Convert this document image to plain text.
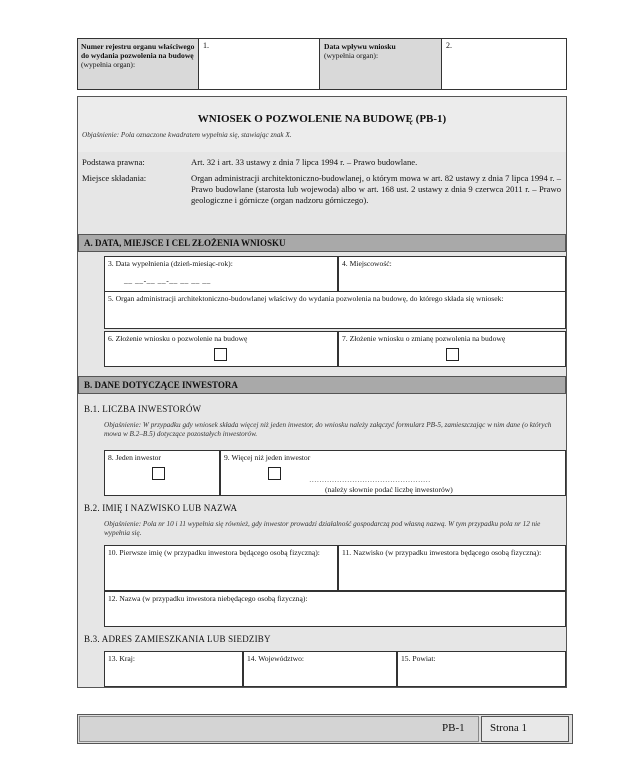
Numer rejestru organu właściwego do wydania pozwolenia na budowę
(wypełnia organ):
1.	Data wpływu wniosku
(wypełnia organ):
2.
WNIOSEK O POZWOLENIE NA BUDOWĘ (PB-1)
Objaśnienie: Pola oznaczone kwadratem wypełnia się, stawiając znak X.
Podstawa prawna:	Art. 32 i art. 33 ustawy z dnia 7 lipca 1994 r. – Prawo budowlane.
Miejsce składania:	Organ administracji architektoniczno-budowlanej, o którym mowa w art. 82 ustawy z dnia 7 lipca 1994 r. – Prawo budowlane (starosta lub wojewoda) albo w art. 168 ust. 2 ustawy z dnia 9 czerwca 2011 r. – Prawo geologiczne i górnicze (organ nadzoru górniczego).
A. DATA, MIEJSCE I CEL ZŁOŻENIA WNIOSKU
3. Data wypełnienia (dzień-miesiąc-rok):
__ __-__ __-__ __ __ __
4. Miejscowość:
5. Organ administracji architektoniczno-budowlanej właściwy do wydania pozwolenia na budowę, do którego składa się wniosek:
6. Złożenie wniosku o pozwolenie na budowę	7. Złożenie wniosku o zmianę pozwolenia na budowę
B. DANE DOTYCZĄCE INWESTORA
B.1. LICZBA INWESTORÓW
Objaśnienie: W przypadku gdy wniosek składa więcej niż jeden inwestor, do wniosku należy załączyć formularz PB-5, zamieszczając w nim dane (o których mowa w B.2–B.5) dotyczące pozostałych inwestorów.
8. Jeden inwestor	9. Więcej niż jeden inwestor
…………………………………………
(należy słownie podać liczbę inwestorów)
B.2. IMIĘ I NAZWISKO LUB NAZWA
Objaśnienie: Pola nr 10 i 11 wypełnia się również, gdy inwestor prowadzi działalność gospodarczą pod własną nazwą. W tym przypadku pola nr 12 nie wypełnia się.
10. Pierwsze imię (w przypadku inwestora będącego osobą fizyczną):	11. Nazwisko (w przypadku inwestora będącego osobą fizyczną):
12. Nazwa (w przypadku inwestora niebędącego osobą fizyczną):
B.3. ADRES ZAMIESZKANIA LUB SIEDZIBY
13. Kraj:	14. Województwo:	15. Powiat:
PB-1 Strona 1
